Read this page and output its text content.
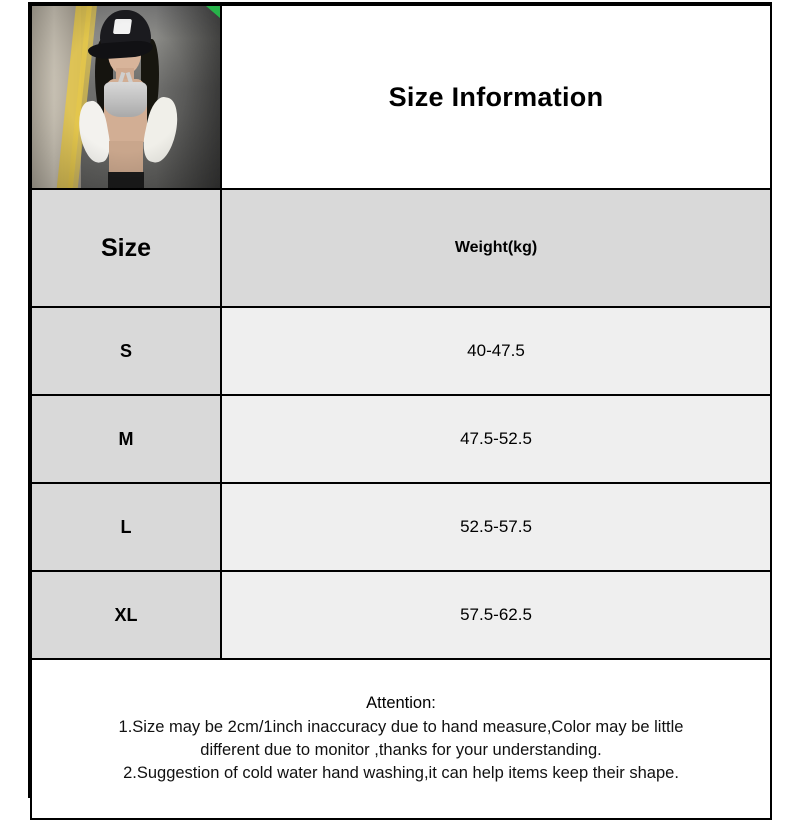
	Size Information

Size	Weight(kg)

S	40-47.5
M	47.5-52.5
L	52.5-57.5
XL	57.5-62.5

Attention:
1.Size may be 2cm/1inch inaccuracy due to hand measure,Color may be little
different due to monitor ,thanks for your understanding.
2.Suggestion of cold water hand washing,it can help items keep their shape.	
